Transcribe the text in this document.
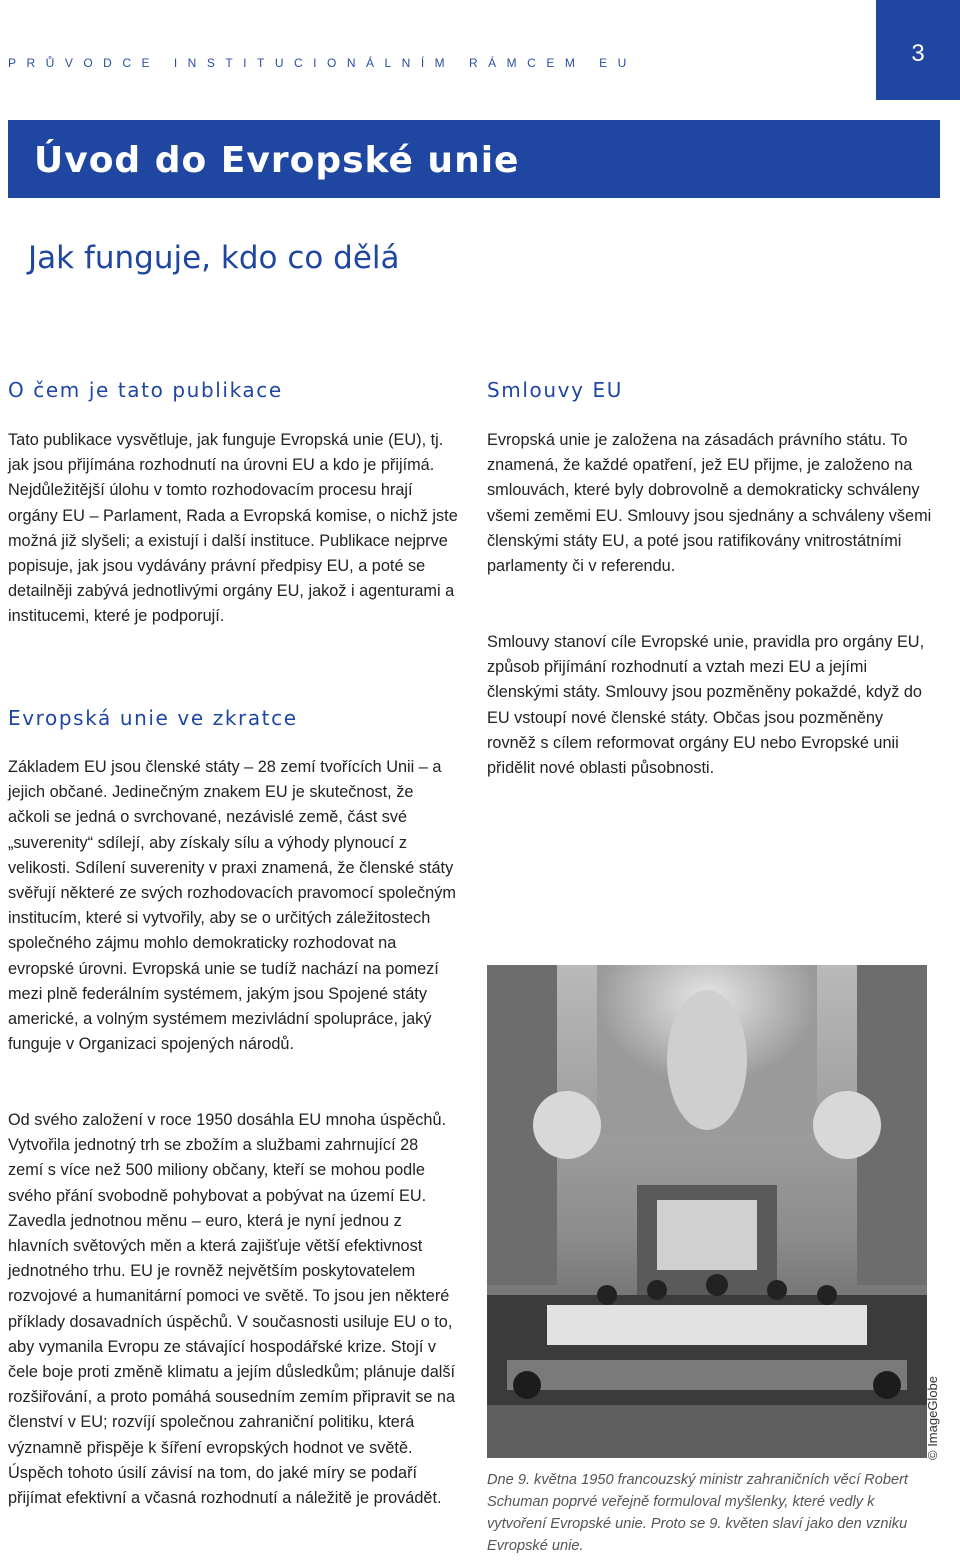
PRŮVODCE INSTITUCIONÁLNÍM RÁMCEM EU	3
Úvod do Evropské unie
Jak funguje, kdo co dělá
O čem je tato publikace

Tato publikace vysvětluje, jak funguje Evropská unie (EU), tj. jak jsou přijímána rozhodnutí na úrovni EU a kdo je přijímá. Nejdůležitější úlohu v tomto rozhodovacím procesu hrají orgány EU – Parlament, Rada a Evropská komise, o nichž jste možná již slyšeli; a existují i další instituce. Publikace nejprve popisuje, jak jsou vydávány právní předpisy EU, a poté se detailněji zabývá jednotlivými orgány EU, jakož i agenturami a institucemi, které je podporují.

Evropská unie ve zkratce

Základem EU jsou členské státy – 28 zemí tvořících Unii – a jejich občané. Jedinečným znakem EU je skutečnost, že ačkoli se jedná o svrchované, nezávislé země, část své „suverenity“ sdílejí, aby získaly sílu a výhody plynoucí z velikosti. Sdílení suverenity v praxi znamená, že členské státy svěřují některé ze svých rozhodovacích pravomocí společným institucím, které si vytvořily, aby se o určitých záležitostech společného zájmu mohlo demokraticky rozhodovat na evropské úrovni. Evropská unie se tudíž nachází na pomezí mezi plně federálním systémem, jakým jsou Spojené státy americké, a volným systémem mezivládní spolupráce, jaký funguje v Organizaci spojených národů.

Od svého založení v roce 1950 dosáhla EU mnoha úspěchů. Vytvořila jednotný trh se zbožím a službami zahrnující 28 zemí s více než 500 miliony občany, kteří se mohou podle svého přání svobodně pohybovat a pobývat na území EU. Zavedla jednotnou měnu – euro, která je nyní jednou z hlavních světových měn a která zajišťuje větší efektivnost jednotného trhu. EU je rovněž největším poskytovatelem rozvojové a humanitární pomoci ve světě. To jsou jen některé příklady dosavadních úspěchů. V současnosti usiluje EU o to, aby vymanila Evropu ze stávající hospodářské krize. Stojí v čele boje proti změně klimatu a jejím důsledkům; plánuje další rozšiřování, a proto pomáhá sousedním zemím připravit se na členství v EU; rozvíjí společnou zahraniční politiku, která významně přispěje k šíření evropských hodnot ve světě. Úspěch tohoto úsilí závisí na tom, do jaké míry se podaří přijímat efektivní a včasná rozhodnutí a náležitě je provádět.

Smlouvy EU

Evropská unie je založena na zásadách právního státu. To znamená, že každé opatření, jež EU přijme, je založeno na smlouvách, které byly dobrovolně a demokraticky schváleny všemi zeměmi EU. Smlouvy jsou sjednány a schváleny všemi členskými státy EU, a poté jsou ratifikovány vnitrostátními parlamenty či v referendu.

Smlouvy stanoví cíle Evropské unie, pravidla pro orgány EU, způsob přijímání rozhodnutí a vztah mezi EU a jejími členskými státy. Smlouvy jsou pozměněny pokaždé, když do EU vstoupí nové členské státy. Občas jsou pozměněny rovněž s cílem reformovat orgány EU nebo Evropské unii přidělit nové oblasti působnosti.

© ImageGlobe

Dne 9. května 1950 francouzský ministr zahraničních věcí Robert Schuman poprvé veřejně formuloval myšlenky, které vedly k vytvoření Evropské unie. Proto se 9. květen slaví jako den vzniku Evropské unie.
